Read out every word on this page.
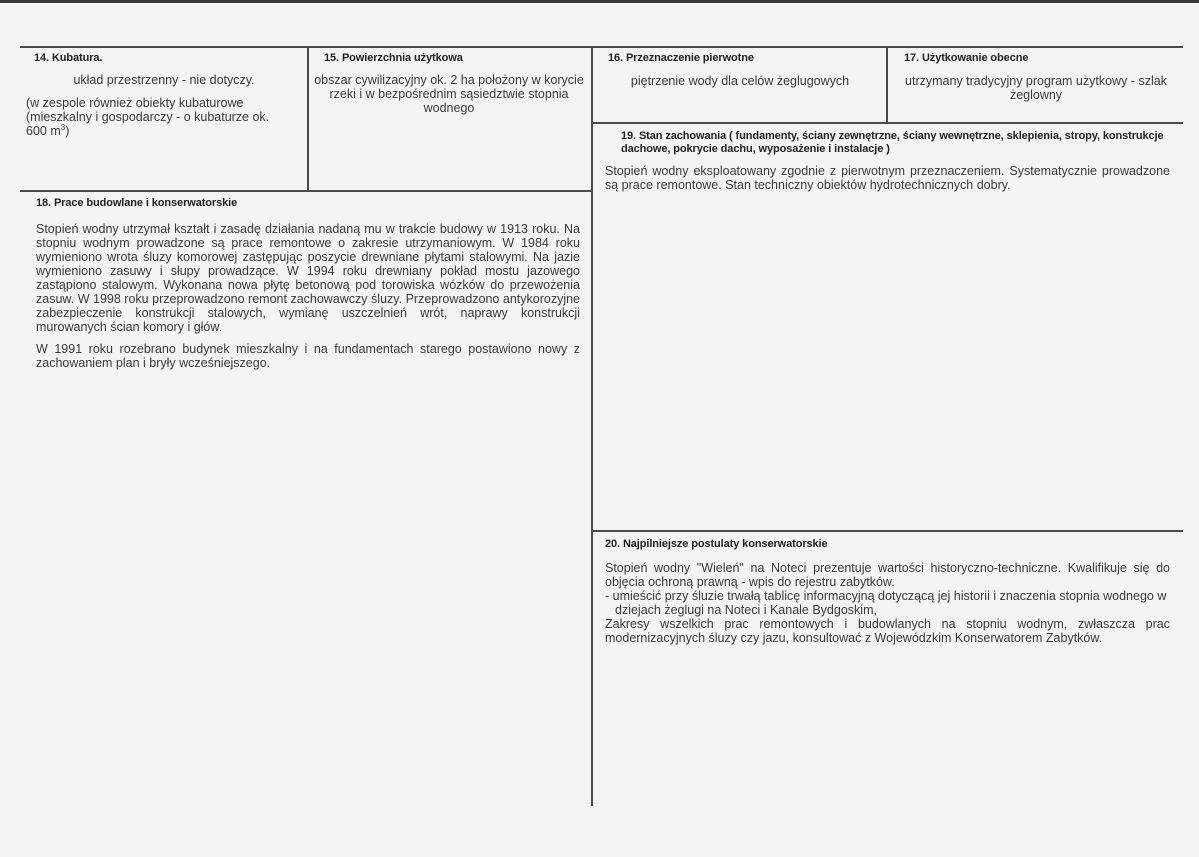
14. Kubatura.

układ przestrzenny - nie dotyczy.

(w zespole również obiekty kubaturowe (mieszkalny i gospodarczy - o kubaturze ok. 600 $m^3$)

15. Powierzchnia użytkowa

obszar cywilizacyjny ok. 2 ha położony w korycie rzeki i w bezpośrednim sąsiedztwie stopnia wodnego

16. Przeznaczenie pierwotne

piętrzenie wody dla celów żeglugowych

17. Użytkowanie obecne

utrzymany tradycyjny program użytkowy - szlak żeglowny

18. Prace budowlane i konserwatorskie

Stopień wodny utrzymał kształt i zasadę działania nadaną mu w trakcie budowy w 1913 roku. Na stopniu wodnym prowadzone są prace remontowe o zakresie utrzymaniowym. W 1984 roku wymieniono wrota śluzy komorowej zastępując poszycie drewniane płytami stalowymi. Na jazie wymieniono zasuwy i słupy prowadzące. W 1994 roku drewniany pokład mostu jazowego zastąpiono stalowym. Wykonana nowa płytę betonową pod torowiska wózków do przewożenia zasuw. W 1998 roku przeprowadzono remont zachowawczy śluzy. Przeprowadzono antykorozyjne zabezpieczenie konstrukcji stalowych, wymianę uszczelnień wrót, naprawy konstrukcji murowanych ścian komory i głów.

W 1991 roku rozebrano budynek mieszkalny i na fundamentach starego postawiono nowy z zachowaniem plan i bryły wcześniejszego.

19. Stan zachowania ( fundamenty, ściany zewnętrzne, ściany wewnętrzne, sklepienia, stropy, konstrukcje dachowe, pokrycie dachu, wyposażenie i instalacje )

Stopień wodny eksploatowany zgodnie z pierwotnym przeznaczeniem. Systematycznie prowadzone są prace remontowe. Stan techniczny obiektów hydrotechnicznych dobry.

20. Najpilniejsze postulaty konserwatorskie

Stopień wodny "Wieleń" na Noteci prezentuje wartości historyczno-techniczne. Kwalifikuje się do objęcia ochroną prawną - wpis do rejestru zabytków.

- umieścić przy śluzie trwałą tablicę informacyjną dotyczącą jej historii i znaczenia stopnia wodnego w dziejach żeglugi na Noteci i Kanale Bydgoskim,

Zakresy wszelkich prac remontowych i budowlanych na stopniu wodnym, zwłaszcza prac modernizacyjnych śluzy czy jazu, konsultować z Wojewódzkim Konserwatorem Zabytków.
